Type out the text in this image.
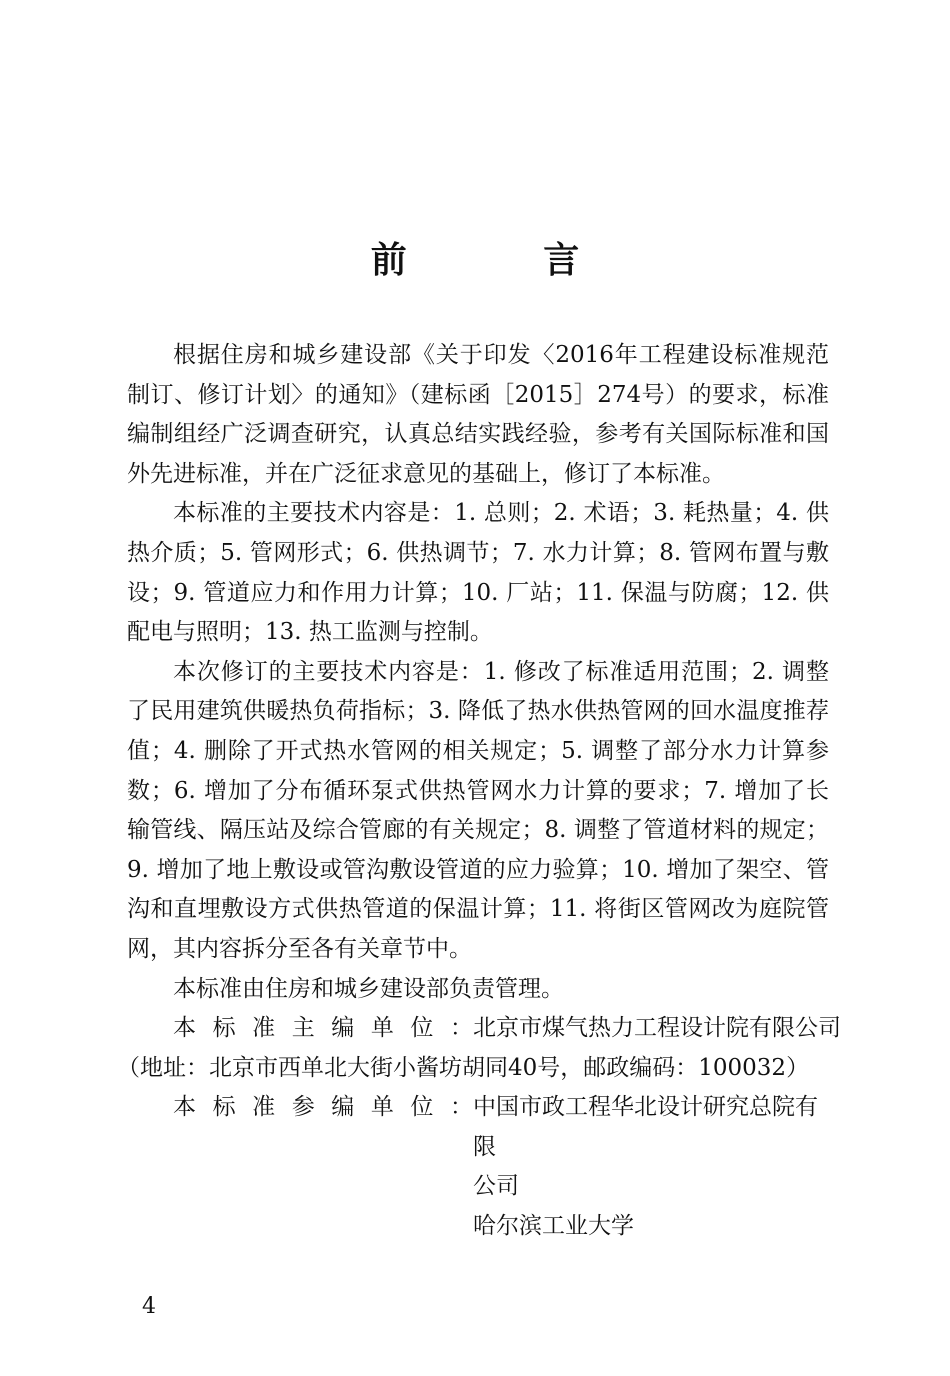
前 言

根据住房和城乡建设部《关于印发〈2016年工程建设标准规范制订、修订计划〉的通知》（建标函［2015］274号）的要求，标准编制组经广泛调查研究，认真总结实践经验，参考有关国际标准和国外先进标准，并在广泛征求意见的基础上，修订了本标准。

本标准的主要技术内容是：1. 总则；2. 术语；3. 耗热量；4. 供热介质；5. 管网形式；6. 供热调节；7. 水力计算；8. 管网布置与敷设；9. 管道应力和作用力计算；10. 厂站；11. 保温与防腐；12. 供配电与照明；13. 热工监测与控制。

本次修订的主要技术内容是：1. 修改了标准适用范围；2. 调整了民用建筑供暖热负荷指标；3. 降低了热水供热管网的回水温度推荐值；4. 删除了开式热水管网的相关规定；5. 调整了部分水力计算参数；6. 增加了分布循环泵式供热管网水力计算的要求；7. 增加了长输管线、隔压站及综合管廊的有关规定；8. 调整了管道材料的规定；9. 增加了地上敷设或管沟敷设管道的应力验算；10. 增加了架空、管沟和直埋敷设方式供热管道的保温计算；11. 将街区管网改为庭院管网，其内容拆分至各有关章节中。

本标准由住房和城乡建设部负责管理。

本标准主编单位：北京市煤气热力工程设计院有限公司
（地址：北京市西单北大街小酱坊胡同40号，邮政编码：100032）
本标准参编单位： 中国市政工程华北设计研究总院有限
公司
哈尔滨工业大学
4
